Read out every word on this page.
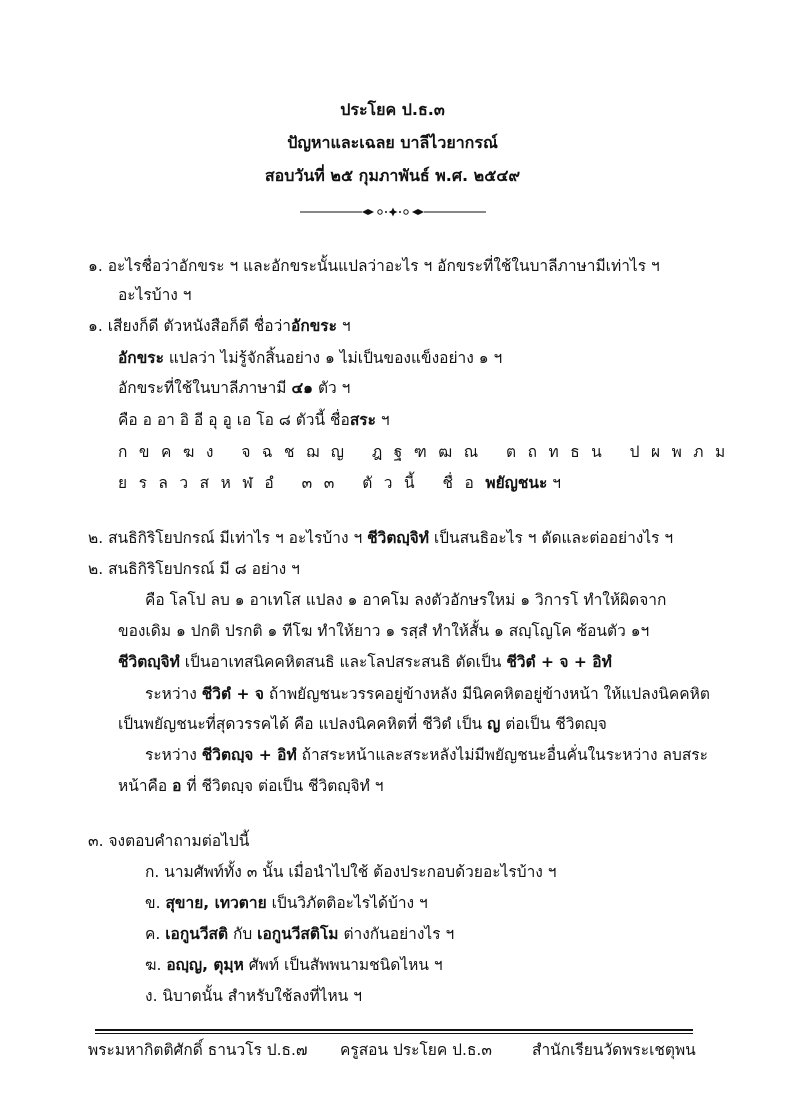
ประโยค ป.ธ.๓
ปัญหาและเฉลย บาลีไวยากรณ์
สอบวันที่ ๒๕ กุมภาพันธ์ พ.ศ. ๒๕๔๙
๑. อะไรชื่อว่าอักขระ ฯ และอักขระนั้นแปลว่าอะไร ฯ อักขระที่ใช้ในบาลีภาษามีเท่าไร ฯ
อะไรบ้าง ฯ
๑. เสียงก็ดี ตัวหนังสือก็ดี ชื่อว่าอักขระ ฯ
อักขระ แปลว่า ไม่รู้จักสิ้นอย่าง ๑ ไม่เป็นของแข็งอย่าง ๑ ฯ
อักขระที่ใช้ในบาลีภาษามี ๔๑ ตัว ฯ
คือ อ อา อิ อี อุ อู เอ โอ ๘ ตัวนี้ ชื่อสระ ฯ
กขคฆง จฉชฌญ ฎฐฑฒณ ตถทธน ปผพภม
ยรลวสหฬอํ ๓๓ ตัวนี้ ชื่อพยัญชนะ ฯ
๒. สนธิกิริโยปกรณ์ มีเท่าไร ฯ อะไรบ้าง ฯ ชีวิตญฺจิทํ เป็นสนธิอะไร ฯ ตัดและต่ออย่างไร ฯ
๒. สนธิกิริโยปกรณ์ มี ๘ อย่าง ฯ
คือ โลโป ลบ ๑ อาเทโส แปลง ๑ อาคโม ลงตัวอักษรใหม่ ๑ วิการโ ทำให้ผิดจาก
ของเดิม ๑ ปกติ ปรกติ ๑ ทีโฆ ทำให้ยาว ๑ รสฺสํ ทำให้สั้น ๑ สญฺโญโค ซ้อนตัว ๑ฯ
ชีวิตญฺจิทํ เป็นอาเทสนิคคหิตสนธิ และโลปสระสนธิ ตัดเป็น ชีวิตํ + จ + อิทํ
ระหว่าง ชีวิตํ + จ ถ้าพยัญชนะวรรคอยู่ข้างหลัง มีนิคคหิตอยู่ข้างหน้า ให้แปลงนิคคหิต
เป็นพยัญชนะที่สุดวรรคได้ คือ แปลงนิคคหิตที่ ชีวิตํ เป็น ญ ต่อเป็น ชีวิตญฺจ
ระหว่าง ชีวิตญฺจ + อิทํ ถ้าสระหน้าและสระหลังไม่มีพยัญชนะอื่นคั่นในระหว่าง ลบสระ
หน้าคือ อ ที่ ชีวิตญฺจ ต่อเป็น ชีวิตญฺจิทํ ฯ
๓. จงตอบคำถามต่อไปนี้
ก. นามศัพท์ทั้ง ๓ นั้น เมื่อนำไปใช้ ต้องประกอบด้วยอะไรบ้าง ฯ
ข. สุขาย, เทวตาย เป็นวิภัตติอะไรได้บ้าง ฯ
ค. เอกูนวีสติ กับ เอกูนวีสติโม ต่างกันอย่างไร ฯ
ฆ. อญฺญ, ตุมฺห ศัพท์ เป็นสัพพนามชนิดไหน ฯ
ง. นิบาตนั้น สำหรับใช้ลงที่ไหน ฯ
พระมหากิตติศักดิ์ ธานวโร ป.ธ.๗ ครูสอน ประโยค ป.ธ.๓	สำนักเรียนวัดพระเชตุพน
